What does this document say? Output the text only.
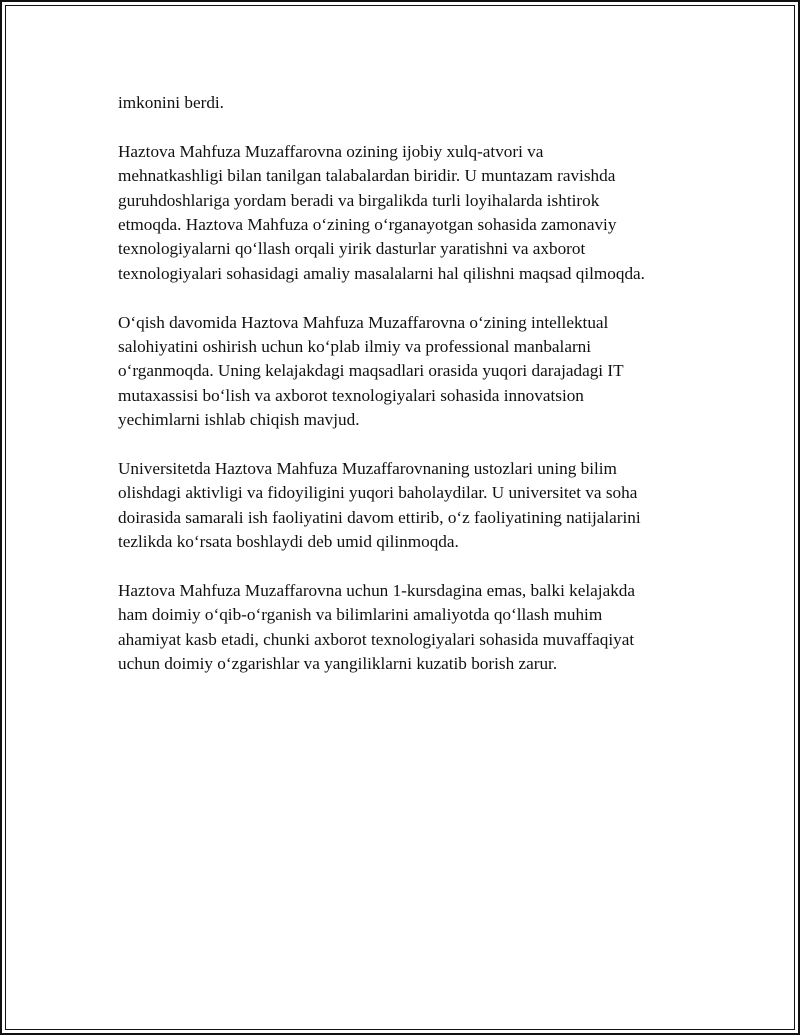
imkonini berdi.

Haztova Mahfuza Muzaffarovna ozining ijobiy xulq-atvori va
mehnatkashligi bilan tanilgan talabalardan biridir. U muntazam ravishda
guruhdoshlariga yordam beradi va birgalikda turli loyihalarda ishtirok
etmoqda. Haztova Mahfuza o‘zining o‘rganayotgan sohasida zamonaviy
texnologiyalarni qo‘llash orqali yirik dasturlar yaratishni va axborot
texnologiyalari sohasidagi amaliy masalalarni hal qilishni maqsad qilmoqda.

O‘qish davomida Haztova Mahfuza Muzaffarovna o‘zining intellektual
salohiyatini oshirish uchun ko‘plab ilmiy va professional manbalarni
o‘rganmoqda. Uning kelajakdagi maqsadlari orasida yuqori darajadagi IT
mutaxassisi bo‘lish va axborot texnologiyalari sohasida innovatsion
yechimlarni ishlab chiqish mavjud.

Universitetda Haztova Mahfuza Muzaffarovnaning ustozlari uning bilim
olishdagi aktivligi va fidoyiligini yuqori baholaydilar. U universitet va soha
doirasida samarali ish faoliyatini davom ettirib, o‘z faoliyatining natijalarini
tezlikda ko‘rsata boshlaydi deb umid qilinmoqda.

Haztova Mahfuza Muzaffarovna uchun 1-kursdagina emas, balki kelajakda
ham doimiy o‘qib-o‘rganish va bilimlarini amaliyotda qo‘llash muhim
ahamiyat kasb etadi, chunki axborot texnologiyalari sohasida muvaffaqiyat
uchun doimiy o‘zgarishlar va yangiliklarni kuzatib borish zarur.
